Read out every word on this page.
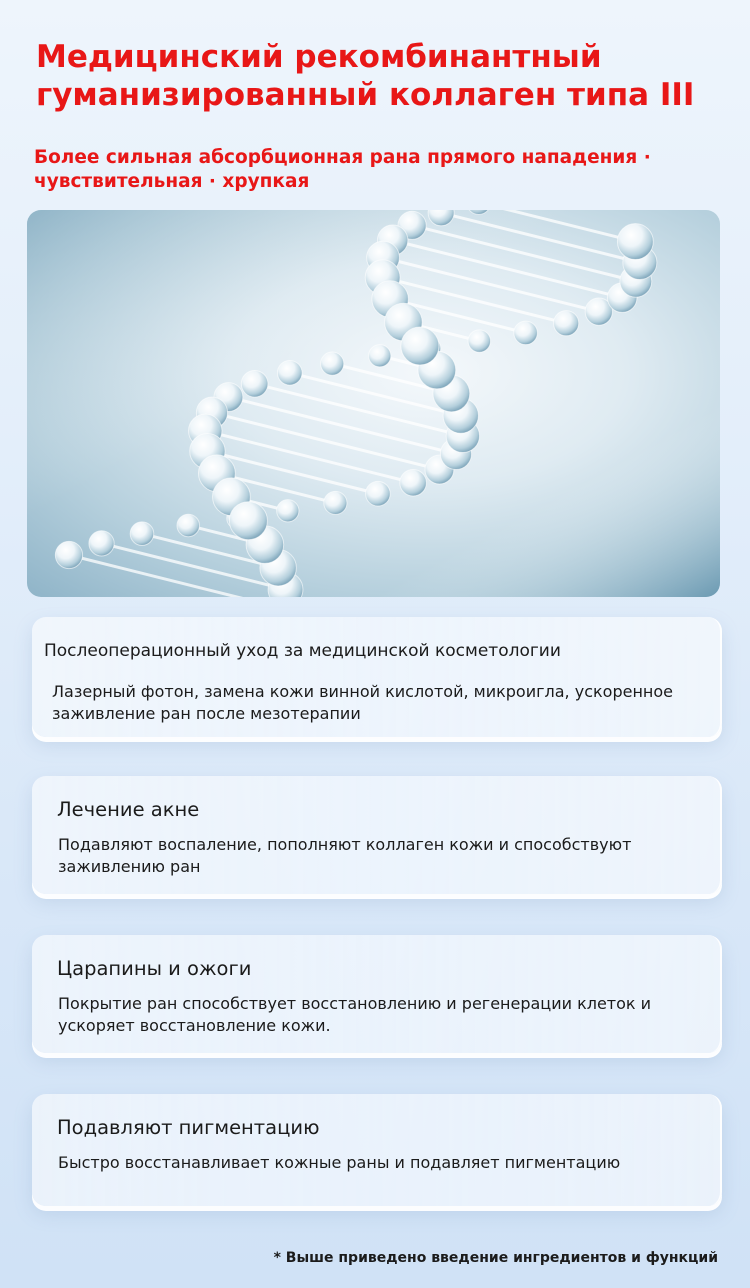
Медицинский рекомбинантный гуманизированный коллаген типа III

Более сильная абсорбционная рана прямого нападения · чувствительная · хрупкая

Послеоперационный уход за медицинской косметологии

Лазерный фотон, замена кожи винной кислотой, микроигла, ускоренное заживление ран после мезотерапии

Лечение акне

Подавляют воспаление, пополняют коллаген кожи и способствуют заживлению ран

Царапины и ожоги

Покрытие ран способствует восстановлению и регенерации клеток и ускоряет восстановление кожи.

Подавляют пигментацию

Быстро восстанавливает кожные раны и подавляет пигментацию

* Выше приведено введение ингредиентов и функций
